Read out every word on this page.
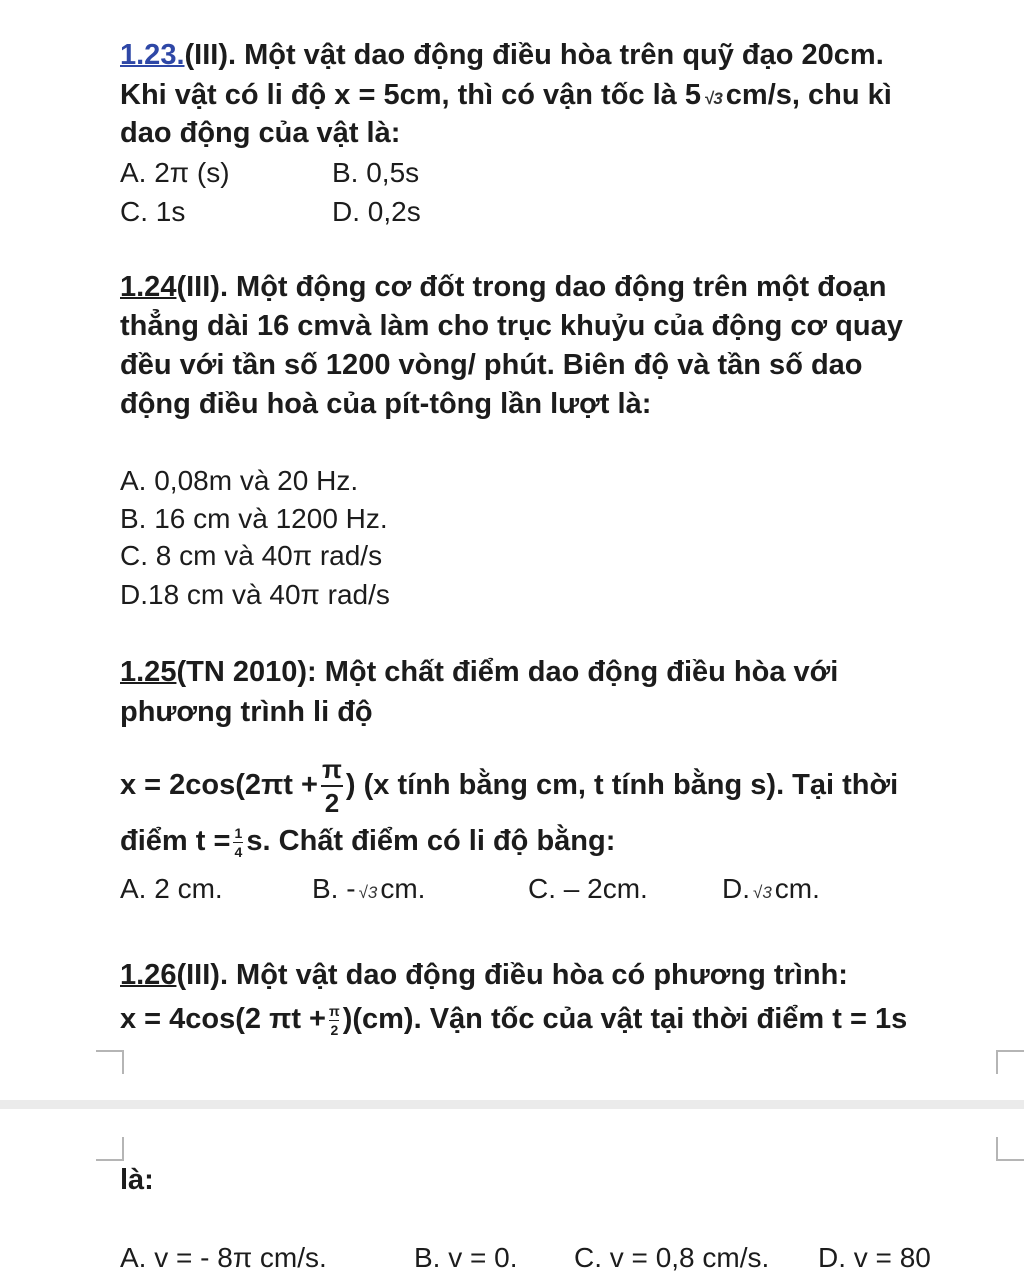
1.23.(III). Một vật dao động điều hòa trên quỹ đạo 20cm.
Khi vật có li độ x = 5cm, thì có vận tốc là 5 √3 cm/s, chu kì
dao động của vật là:
A. 2π (s)	B. 0,5s
C. 1s	D. 0,2s
1.24(III). Một động cơ đốt trong dao động trên một đoạn
thẳng dài 16 cmvà làm cho trục khuỷu của động cơ quay
đều với tần số 1200 vòng/ phút. Biên độ và tần số dao
động điều hoà của pít-tông lần lượt là:
A. 0,08m và 20 Hz.
B. 16 cm và 1200 Hz.
C. 8 cm và 40π rad/s
D.18 cm và 40π rad/s
1.25(TN 2010): Một chất điểm dao động điều hòa với
phương trình li độ
$x = 2\cos(2\pi t + \frac{\pi}{2}$ ) (x tính bằng cm, t tính bằng s). Tại thời
điểm $t = \frac{1}{4} s$. Chất điểm có li độ bằng:
A. 2 cm.	B. - √3 cm.	C. – 2cm.	D. √3 cm.
1.26(III). Một vật dao động điều hòa có phương trình:
x = 4cos(2 $\pi t + \frac{\pi}{2} )(cm)$. Vận tốc của vật tại thời điểm t = 1s
là:
A. v = - 8π cm/s.	B. v = 0. C. v = 0,8 cm/s. D. v = 80
